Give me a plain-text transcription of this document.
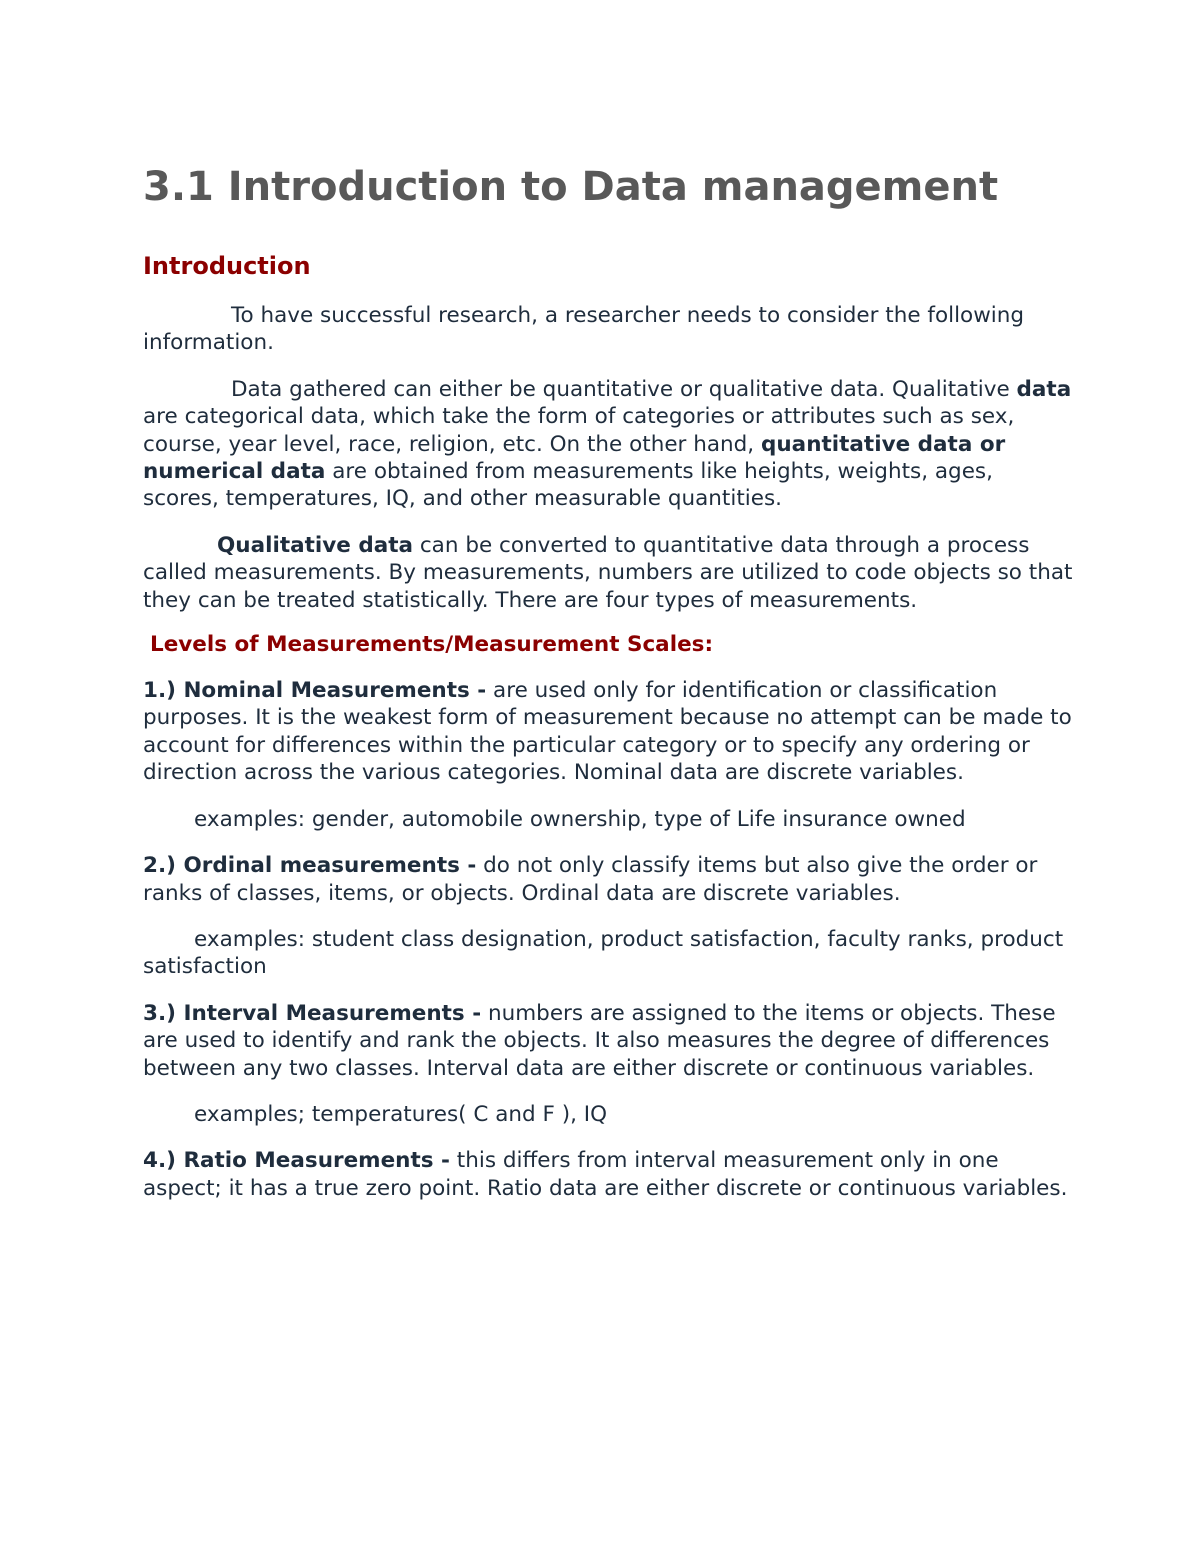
3.1 Introduction to Data management
Introduction

To have successful research, a researcher needs to consider the following information.

Data gathered can either be quantitative or qualitative data. Qualitative data are categorical data, which take the form of categories or attributes such as sex, course, year level, race, religion, etc. On the other hand, quantitative data or numerical data are obtained from measurements like heights, weights, ages, scores, temperatures, IQ, and other measurable quantities.

Qualitative data can be converted to quantitative data through a process called measurements. By measurements, numbers are utilized to code objects so that they can be treated statistically. There are four types of measurements.

Levels of Measurements/Measurement Scales:

1.) Nominal Measurements - are used only for identification or classification purposes. It is the weakest form of measurement because no attempt can be made to account for differences within the particular category or to specify any ordering or direction across the various categories. Nominal data are discrete variables.

examples: gender, automobile ownership, type of Life insurance owned

2.) Ordinal measurements - do not only classify items but also give the order or ranks of classes, items, or objects. Ordinal data are discrete variables.

examples: student class designation, product satisfaction, faculty ranks, product satisfaction

3.) Interval Measurements - numbers are assigned to the items or objects. These are used to identify and rank the objects. It also measures the degree of differences between any two classes. Interval data are either discrete or continuous variables.

examples; temperatures( C and F ), IQ

4.) Ratio Measurements - this differs from interval measurement only in one aspect; it has a true zero point. Ratio data are either discrete or continuous variables.
